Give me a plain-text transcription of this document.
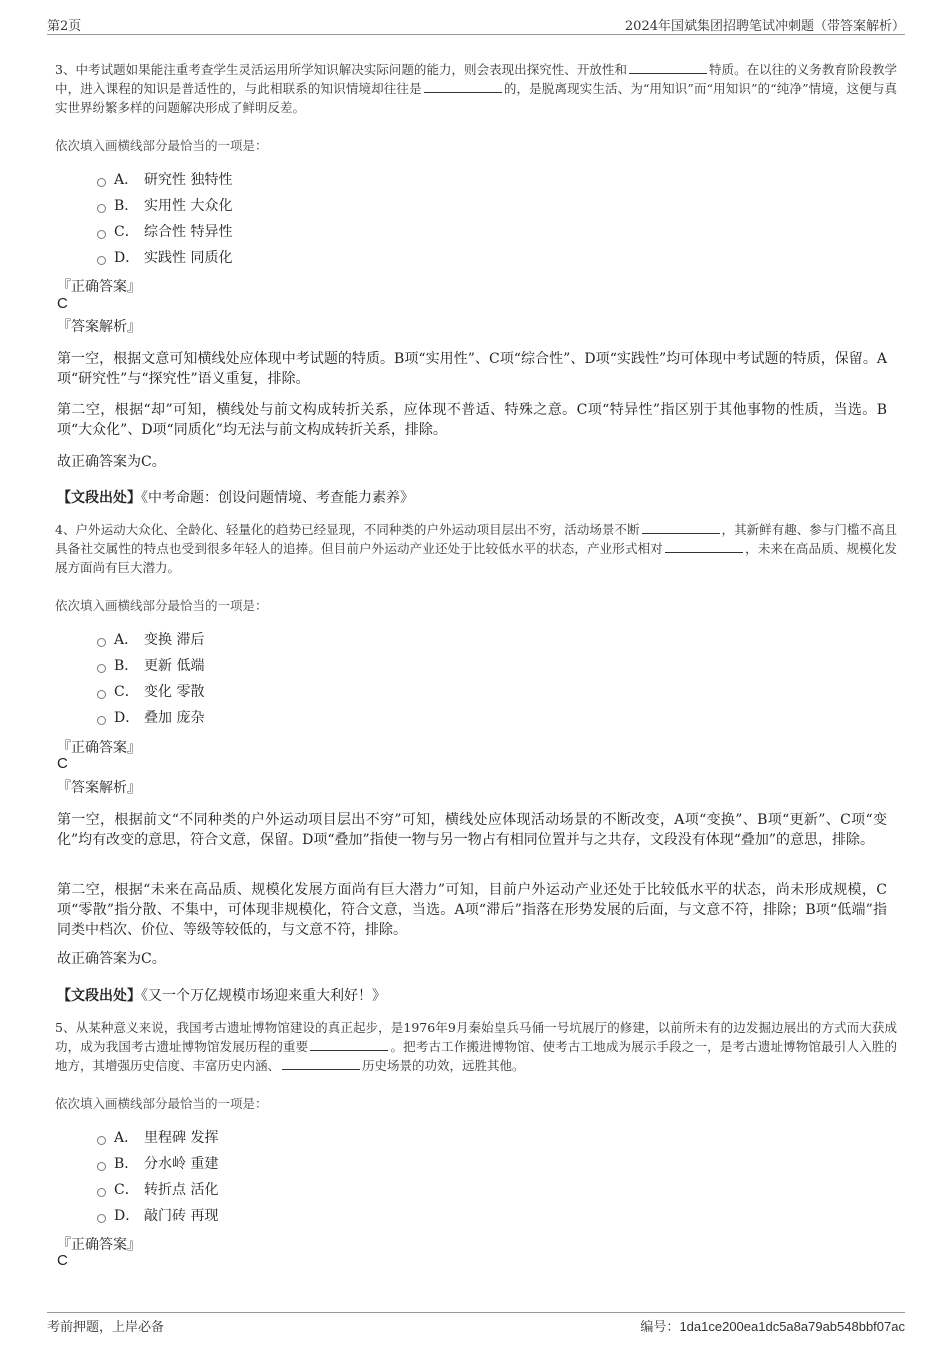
第2页	2024年国斌集团招聘笔试冲刺题（带答案解析）
3、中考试题如果能注重考查学生灵活运用所学知识解决实际问题的能力，则会表现出探究性、开放性和	特质。在以往的义务教育阶段教学中，进入课程的知识是普适性的，与此相联系的知识情境却往往是	的，是脱离现实生活、为“用知识”而“用知识”的“纯净”情境，这便与真实世界纷繁多样的问题解决形成了鲜明反差。
依次填入画横线部分最恰当的一项是：
A． 研究性 独特性
B． 实用性 大众化
C． 综合性 特异性
D． 实践性 同质化
『正确答案』
C
『答案解析』
第一空，根据文意可知横线处应体现中考试题的特质。B项“实用性”、C项“综合性”、D项“实践性”均可体现中考试题的特质，保留。A项“研究性”与“探究性”语义重复，排除。
第二空，根据“却”可知，横线处与前文构成转折关系，应体现不普适、特殊之意。C项“特异性”指区别于其他事物的性质，当选。B项“大众化”、D项“同质化”均无法与前文构成转折关系，排除。
故正确答案为C。
【文段出处】《中考命题：创设问题情境、考查能力素养》
4、户外运动大众化、全龄化、轻量化的趋势已经显现，不同种类的户外运动项目层出不穷，活动场景不断	，其新鲜有趣、参与门槛不高且具备社交属性的特点也受到很多年轻人的追捧。但目前户外运动产业还处于比较低水平的状态，产业形式相对	，未来在高品质、规模化发展方面尚有巨大潜力。
依次填入画横线部分最恰当的一项是：
A． 变换 滞后
B． 更新 低端
C． 变化 零散
D． 叠加 庞杂
『正确答案』
C
『答案解析』
第一空，根据前文“不同种类的户外运动项目层出不穷”可知，横线处应体现活动场景的不断改变，A项“变换”、B项“更新”、C项“变化”均有改变的意思，符合文意，保留。D项“叠加”指使一物与另一物占有相同位置并与之共存，文段没有体现“叠加”的意思，排除。
第二空，根据“未来在高品质、规模化发展方面尚有巨大潜力”可知，目前户外运动产业还处于比较低水平的状态，尚未形成规模，C项“零散”指分散、不集中，可体现非规模化，符合文意，当选。A项“滞后”指落在形势发展的后面，与文意不符，排除；B项“低端”指同类中档次、价位、等级等较低的，与文意不符，排除。
故正确答案为C。
【文段出处】《又一个万亿规模市场迎来重大利好！》
5、从某种意义来说，我国考古遗址博物馆建设的真正起步，是1976年9月秦始皇兵马俑一号坑展厅的修建，以前所未有的边发掘边展出的方式而大获成功，成为我国考古遗址博物馆发展历程的重要	。把考古工作搬进博物馆、使考古工地成为展示手段之一，是考古遗址博物馆最引人入胜的地方，其增强历史信度、丰富历史内涵、	历史场景的功效，远胜其他。
依次填入画横线部分最恰当的一项是：
A． 里程碑 发挥
B． 分水岭 重建
C． 转折点 活化
D． 敲门砖 再现
『正确答案』
C
考前押题，上岸必备	编号：1da1ce200ea1dc5a8a79ab548bbf07ac
